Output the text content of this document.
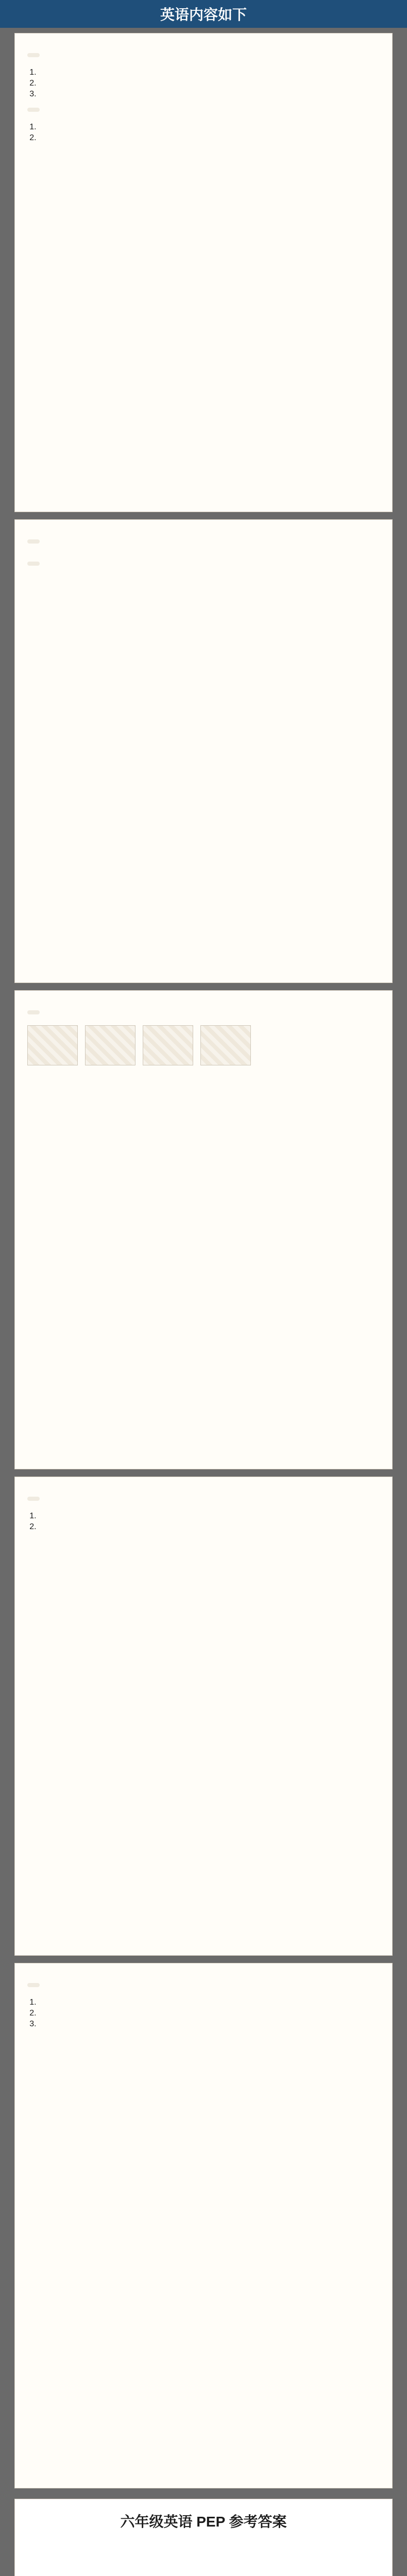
英语内容如下
1.
2.
3.
1.
2.
1.
2.
1.
2.
3.
六年级英语 PEP 参考答案
